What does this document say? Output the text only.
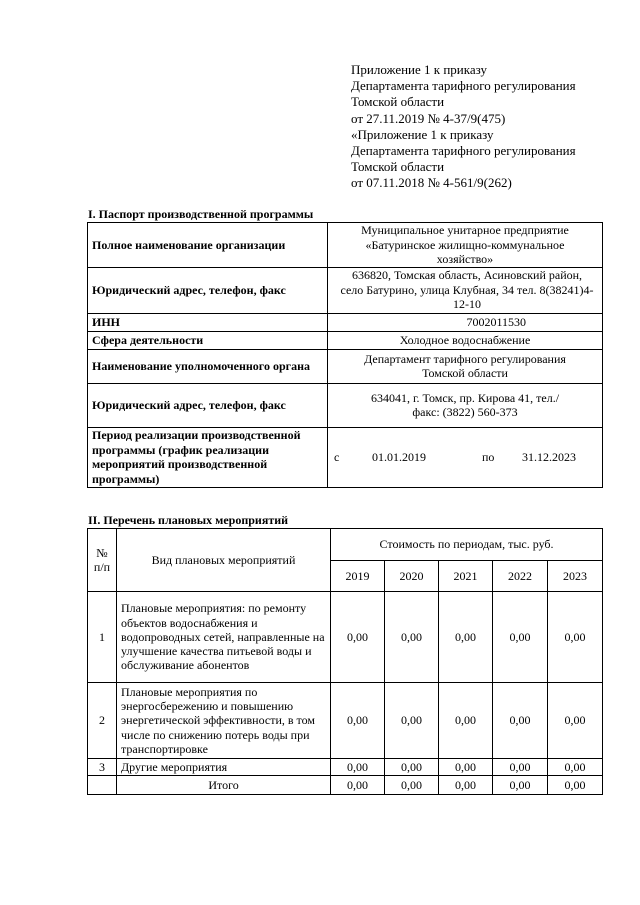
Приложение 1 к приказу
Департамента тарифного регулирования
Томской области
от 27.11.2019 № 4-37/9(475)
«Приложение 1 к приказу
Департамента тарифного регулирования
Томской области
от 07.11.2018 № 4-561/9(262)
I. Паспорт производственной программы
Полное наименование организации	Муниципальное унитарное предприятие «Батуринское жилищно-коммунальное хозяйство»
Юридический адрес, телефон, факс	636820, Томская область, Асиновский район, село Батурино, улица Клубная, 34 тел. 8(38241)4-12-10
ИНН	7002011530
Сфера деятельности	Холодное водоснабжение
Наименование уполномоченного органа	Департамент тарифного регулирования Томской области
Юридический адрес, телефон, факс	634041, г. Томск, пр. Кирова 41, тел./факс: (3822) 560-373
Период реализации производственной программы (график реализации мероприятий производственной программы)	с 01.01.2019 по 31.12.2023
II. Перечень плановых мероприятий
№ п/п	Вид плановых мероприятий	Стоимость по периодам, тыс. руб.				
		2019	2020	2021	2022	2023
1	Плановые мероприятия: по ремонту объектов водоснабжения и водопроводных сетей, направленные на улучшение качества питьевой воды и обслуживание абонентов	0,00	0,00	0,00	0,00	0,00
2	Плановые мероприятия по энергосбережению и повышению энергетической эффективности, в том числе по снижению потерь воды при транспортировке	0,00	0,00	0,00	0,00	0,00
3	Другие мероприятия	0,00	0,00	0,00	0,00	0,00
	Итого	0,00	0,00	0,00	0,00	0,00
